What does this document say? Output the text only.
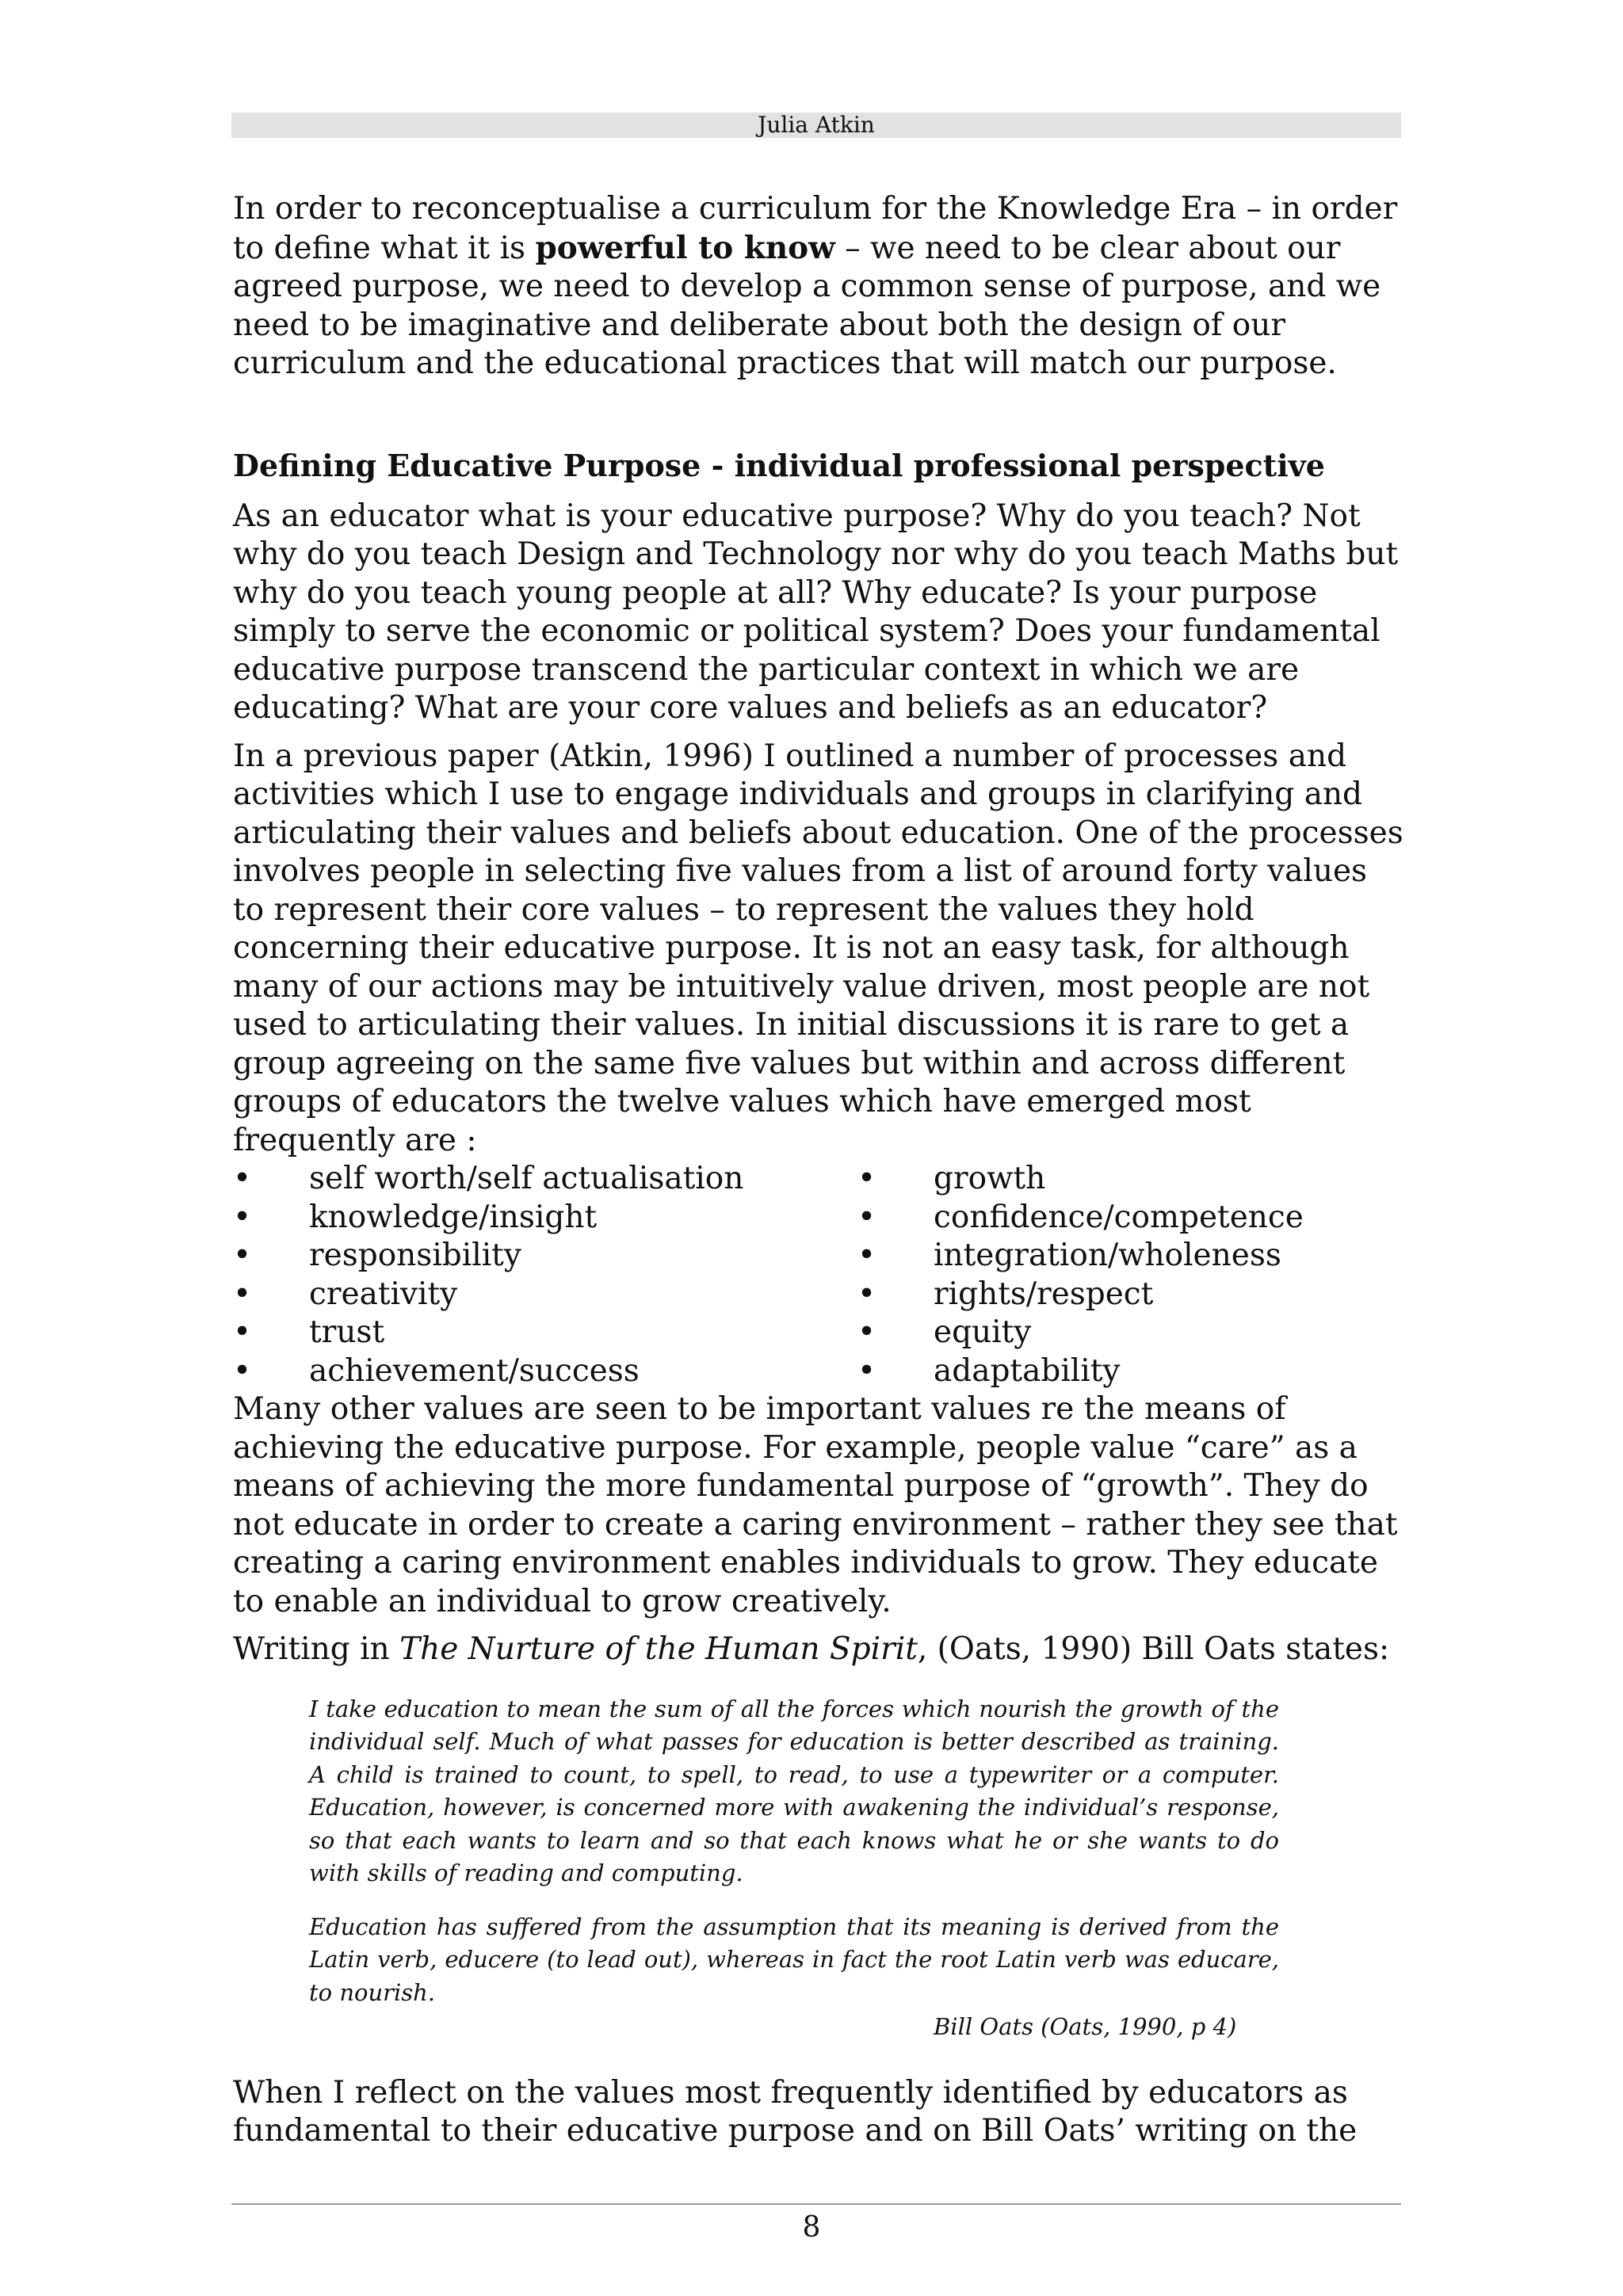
Julia Atkin

In order to reconceptualise a curriculum for the Knowledge Era – in order to define what it is powerful to know – we need to be clear about our agreed purpose, we need to develop a common sense of purpose, and we need to be imaginative and deliberate about both the design of our curriculum and the educational practices that will match our purpose.

Defining Educative Purpose - individual professional perspective

As an educator what is your educative purpose? Why do you teach? Not why do you teach Design and Technology nor why do you teach Maths but why do you teach young people at all? Why educate? Is your purpose simply to serve the economic or political system? Does your fundamental educative purpose transcend the particular context in which we are educating? What are your core values and beliefs as an educator?

In a previous paper (Atkin, 1996) I outlined a number of processes and activities which I use to engage individuals and groups in clarifying and articulating their values and beliefs about education. One of the processes involves people in selecting five values from a list of around forty values to represent their core values – to represent the values they hold concerning their educative purpose. It is not an easy task, for although many of our actions may be intuitively value driven, most people are not used to articulating their values. In initial discussions it is rare to get a group agreeing on the same five values but within and across different groups of educators the twelve values which have emerged most frequently are :

• self worth/self actualisation
• knowledge/insight
• responsibility
• creativity
• trust
• achievement/success
• growth
• confidence/competence
• integration/wholeness
• rights/respect
• equity
• adaptability

Many other values are seen to be important values re the means of achieving the educative purpose. For example, people value “care” as a means of achieving the more fundamental purpose of “growth”. They do not educate in order to create a caring environment – rather they see that creating a caring environment enables individuals to grow. They educate to enable an individual to grow creatively.

Writing in The Nurture of the Human Spirit, (Oats, 1990) Bill Oats states:

I take education to mean the sum of all the forces which nourish the growth of the individual self. Much of what passes for education is better described as training. A child is trained to count, to spell, to read, to use a typewriter or a computer. Education, however, is concerned more with awakening the individual’s response, so that each wants to learn and so that each knows what he or she wants to do with skills of reading and computing.

Education has suffered from the assumption that its meaning is derived from the Latin verb, educere (to lead out), whereas in fact the root Latin verb was educare, to nourish.

Bill Oats (Oats, 1990, p 4)

When I reflect on the values most frequently identified by educators as fundamental to their educative purpose and on Bill Oats’ writing on the

8
